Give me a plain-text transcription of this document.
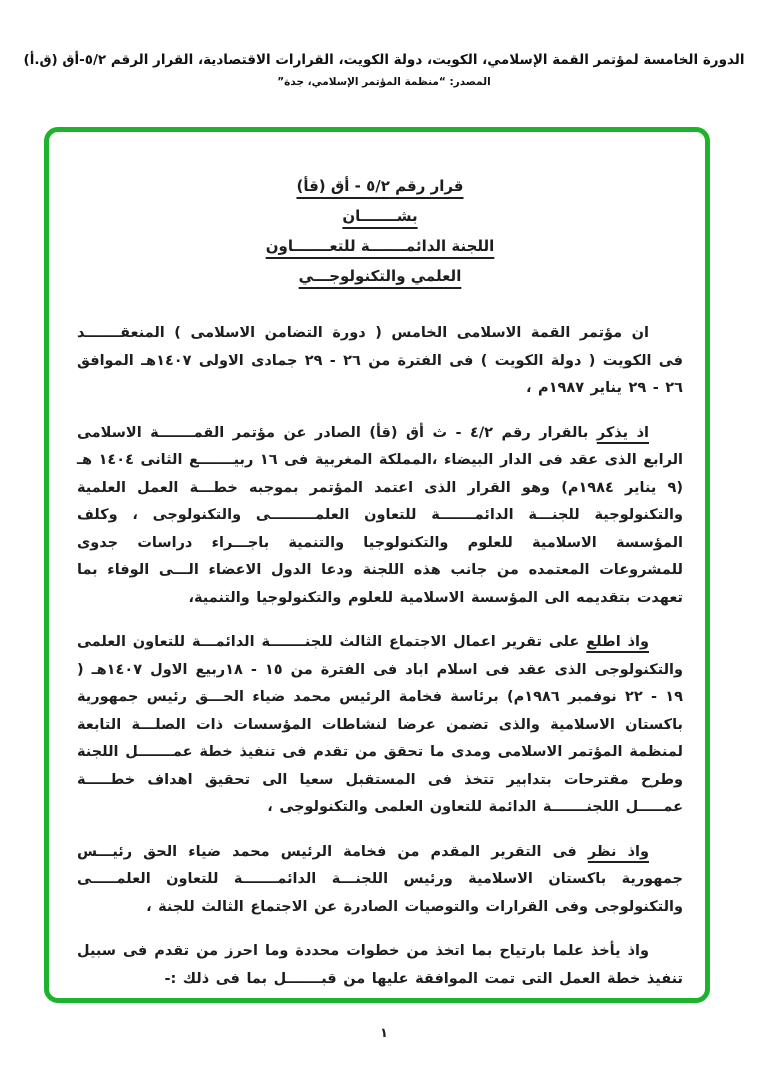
الدورة الخامسة لمؤتمر القمة الإسلامي، الكويت، دولة الكويت، القرارات الاقتصادية، القرار الرقم ٥/٢-أق (ق.أ)
المصدر: “منظمة المؤتمر الإسلامي، جدة”
قرار رقم ٥/٢ - أق (قأ) بشـــــــان اللجنة الدائمـــــــة للتعـــــــاون العلمي والتكنولوجـــي

ان مؤتمر القمة الاسلامى الخامس ( دورة التضامن الاسلامى ) المنعقـــــــد فى الكويت ( دولة الكويت ) فى الفترة من ٢٦ - ٢٩ جمادى الاولى ١٤٠٧هـ الموافق ٢٦ - ٢٩ يناير ١٩٨٧م ،

اذ يذكر بالقرار رقم ٤/٢ - ث أق (قأ) الصادر عن مؤتمر القمـــــــة الاسلامى الرابع الذى عقد فى الدار البيضاء ،المملكة المغربية فى ١٦ ربيـــــــع الثانى ١٤٠٤ هـ (٩ يناير ١٩٨٤م) وهو القرار الذى اعتمد المؤتمر بموجبه خطـــة العمل العلمية والتكنولوجية للجنـــة الدائمـــــــة للتعاون العلمـــــــــى والتكنولوجى ، وكلف المؤسسة الاسلامية للعلوم والتكنولوجيا والتنمية باجـــراء دراسات جدوى للمشروعات المعتمده من جانب هذه اللجنة ودعا الدول الاعضاء الـــى الوفاء بما تعهدت بتقديمه الى المؤسسة الاسلامية للعلوم والتكنولوجيا والتنمية،

واذ اطلع على تقرير اعمال الاجتماع الثالث للجنـــــــة الدائمـــة للتعاون العلمى والتكنولوجى الذى عقد فى اسلام اباد فى الفترة من ١٥ - ١٨ربيع الاول ١٤٠٧هـ ( ١٩ - ٢٢ نوفمبر ١٩٨٦م) برئاسة فخامة الرئيس محمد ضياء الحـــق رئيس جمهورية باكستان الاسلامية والذى تضمن عرضا لنشاطات المؤسسات ذات الصلـــة التابعة لمنظمة المؤتمر الاسلامى ومدى ما تحقق من تقدم فى تنفيذ خطة عمـــــــل اللجنة وطرح مقترحات بتدابير تتخذ فى المستقبل سعيا الى تحقيق اهداف خطـــــة عمـــــل اللجنـــــــة الدائمة للتعاون العلمى والتكنولوجى ،

واذ نظر فى التقرير المقدم من فخامة الرئيس محمد ضياء الحق رئيـــس جمهورية باكستان الاسلامية ورئيس اللجنـــة الدائمـــــــة للتعاون العلمـــــى والتكنولوجى وفى القرارات والتوصيات الصادرة عن الاجتماع الثالث للجنة ،

واذ يأخذ علما بارتياح بما اتخذ من خطوات محددة وما احرز من تقدم فى سبيل تنفيذ خطة العمل التى تمت الموافقة عليها من قبـــــــل بما فى ذلك :-

١
